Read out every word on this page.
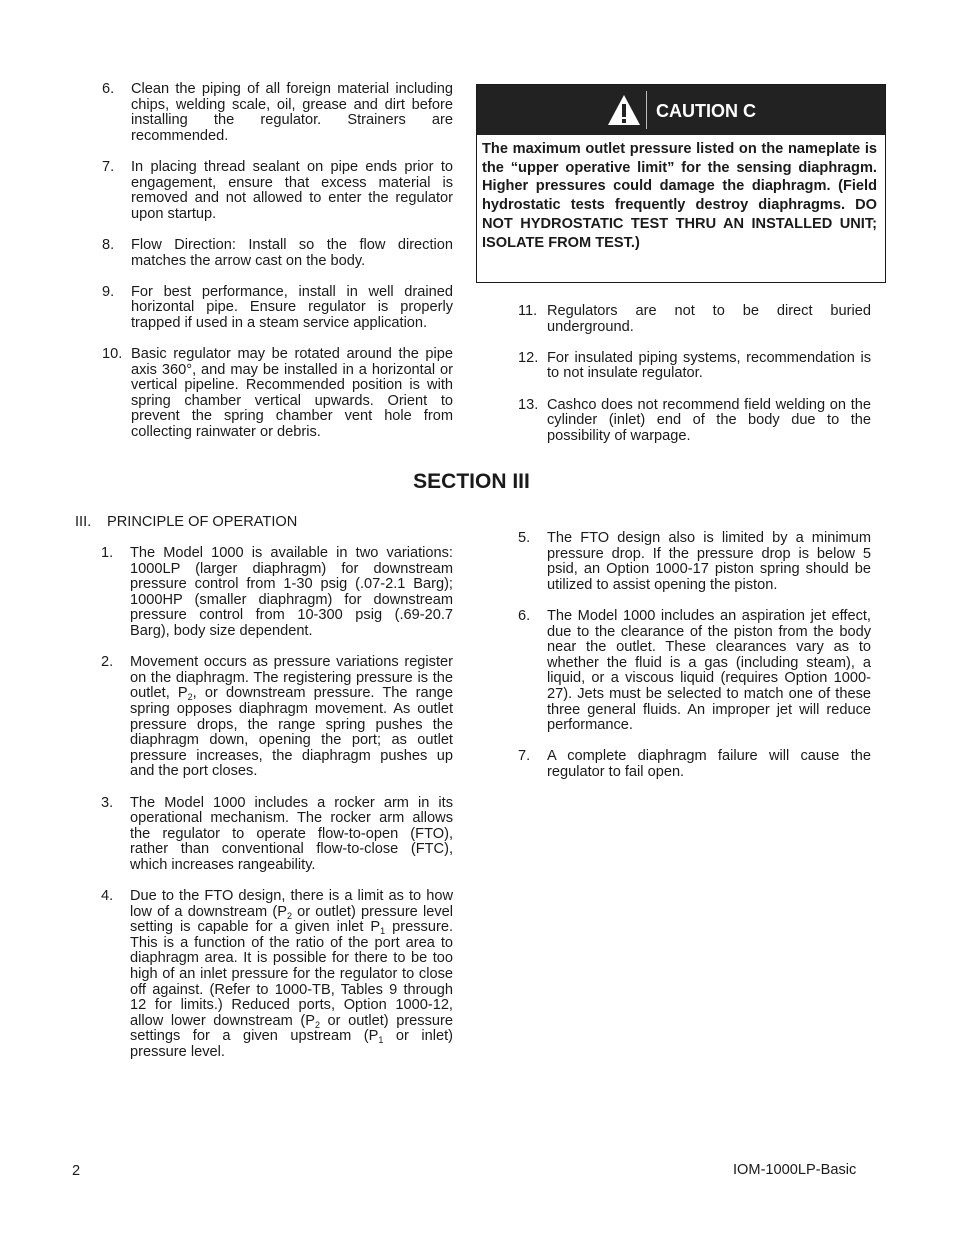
6. Clean the piping of all foreign material including chips, welding scale, oil, grease and dirt before installing the regulator. Strainers are recommended.
7. In placing thread sealant on pipe ends prior to engagement, ensure that excess material is removed and not allowed to enter the regulator upon startup.
8. Flow Direction: Install so the flow direction matches the arrow cast on the body.
9. For best performance, install in well drained horizontal pipe. Ensure regulator is properly trapped if used in a steam service application.
10. Basic regulator may be rotated around the pipe axis 360°, and may be installed in a horizontal or vertical pipeline. Recommended position is with spring chamber vertical upwards. Orient to prevent the spring chamber vent hole from collecting rainwater or debris.
CAUTION C
The maximum outlet pressure listed on the nameplate is the “upper operative limit” for the sensing diaphragm. Higher pressures could damage the diaphragm. (Field hydrostatic tests frequently destroy diaphragms. DO NOT HYDROSTATIC TEST THRU AN INSTALLED UNIT; ISOLATE FROM TEST.)
11. Regulators are not to be direct buried underground.
12. For insulated piping systems, recommendation is to not insulate regulator.
13. Cashco does not recommend field welding on the cylinder (inlet) end of the body due to the possibility of warpage.
SECTION III
III. PRINCIPLE OF OPERATION
1. The Model 1000 is available in two variations: 1000LP (larger diaphragm) for downstream pressure control from 1-30 psig (.07-2.1 Barg); 1000HP (smaller diaphragm) for downstream pressure control from 10-300 psig (.69-20.7 Barg), body size dependent.
2. Movement occurs as pressure variations register on the diaphragm. The registering pressure is the outlet, $P_2$, or downstream pressure. The range spring opposes diaphragm movement. As outlet pressure drops, the range spring pushes the diaphragm down, opening the port; as outlet pressure increases, the diaphragm pushes up and the port closes.
3. The Model 1000 includes a rocker arm in its operational mechanism. The rocker arm allows the regulator to operate flow-to-open (FTO), rather than conventional flow-to-close (FTC), which increases rangeability.
4. Due to the FTO design, there is a limit as to how low of a downstream ($P_2$ or outlet) pressure level setting is capable for a given inlet $P_1$ pressure. This is a function of the ratio of the port area to diaphragm area. It is possible for there to be too high of an inlet pressure for the regulator to close off against. (Refer to 1000-TB, Tables 9 through 12 for limits.) Reduced ports, Option 1000-12, allow lower downstream ($P_2$ or outlet) pressure settings for a given upstream ($P_1$ or inlet) pressure level.
5. The FTO design also is limited by a minimum pressure drop. If the pressure drop is below 5 psid, an Option 1000-17 piston spring should be utilized to assist opening the piston.
6. The Model 1000 includes an aspiration jet effect, due to the clearance of the piston from the body near the outlet. These clearances vary as to whether the fluid is a gas (including steam), a liquid, or a viscous liquid (requires Option 1000-27). Jets must be selected to match one of these three general fluids. An improper jet will reduce performance.
7. A complete diaphragm failure will cause the regulator to fail open.
2	IOM-1000LP-Basic
